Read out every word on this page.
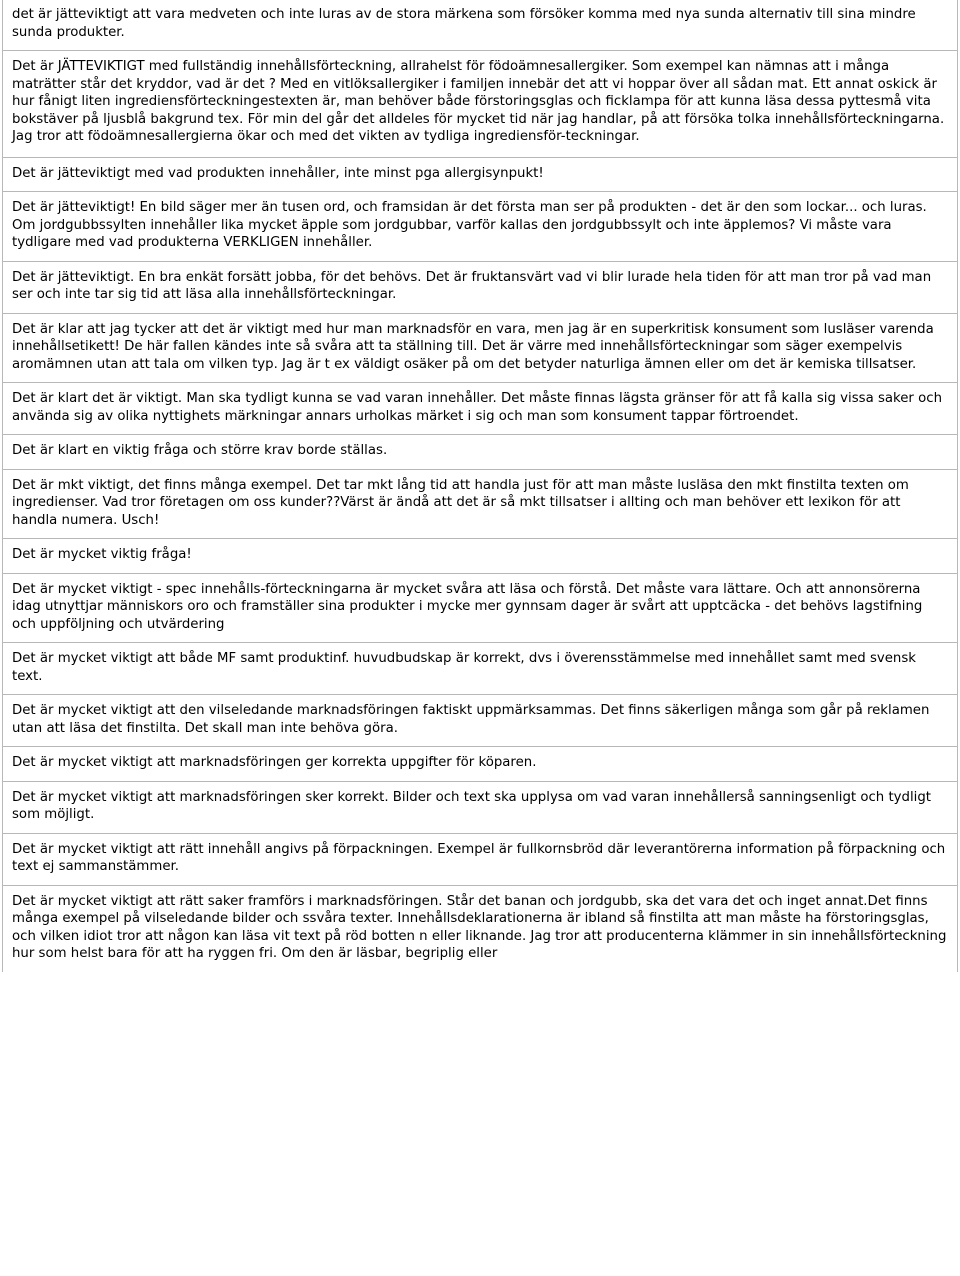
det är jätteviktigt att vara medveten och inte luras av de stora märkena som försöker komma med nya sunda alternativ till sina mindre sunda produkter.
Det är JÄTTEVIKTIGT med fullständig innehållsförteckning, allrahelst för födoämnesallergiker. Som exempel kan nämnas att i många maträtter står det kryddor, vad är det ? Med en vitlöksallergiker i familjen innebär det att vi hoppar över all sådan mat. Ett annat oskick är hur fånigt liten ingrediensförteckningestexten är, man behöver både förstoringsglas och ficklampa för att kunna läsa dessa pyttesmå vita bokstäver på ljusblå bakgrund tex. För min del går det alldeles för mycket tid när jag handlar, på att försöka tolka innehållsförteckningarna. Jag tror att födoämnesallergierna ökar och med det vikten av tydliga ingrediensför-teckningar.
Det är jätteviktigt med vad produkten innehåller, inte minst pga allergisynpukt!
Det är jätteviktigt! En bild säger mer än tusen ord, och framsidan är det första man ser på produkten - det är den som lockar... och luras. Om jordgubbssylten innehåller lika mycket äpple som jordgubbar, varför kallas den jordgubbssylt och inte äpplemos? Vi måste vara tydligare med vad produkterna VERKLIGEN innehåller.
Det är jätteviktigt. En bra enkät forsätt jobba, för det behövs. Det är fruktansvärt vad vi blir lurade hela tiden för att man tror på vad man ser och inte tar sig tid att läsa alla innehållsförteckningar.
Det är klar att jag tycker att det är viktigt med hur man marknadsför en vara, men jag är en superkritisk konsument som lusläser varenda innehållsetikett! De här fallen kändes inte så svåra att ta ställning till. Det är värre med innehållsförteckningar som säger exempelvis aromämnen utan att tala om vilken typ. Jag är t ex väldigt osäker på om det betyder naturliga ämnen eller om det är kemiska tillsatser.
Det är klart det är viktigt. Man ska tydligt kunna se vad varan innehåller. Det måste finnas lägsta gränser för att få kalla sig vissa saker och använda sig av olika nyttighets märkningar annars urholkas märket i sig och man som konsument tappar förtroendet.
Det är klart en viktig fråga och större krav borde ställas.
Det är mkt viktigt, det finns många exempel. Det tar mkt lång tid att handla just för att man måste lusläsa den mkt finstilta texten om ingredienser. Vad tror företagen om oss kunder??Värst är ändå att det är så mkt tillsatser i allting och man behöver ett lexikon för att handla numera. Usch!
Det är mycket viktig fråga!
Det är mycket viktigt - spec innehålls-förteckningarna är mycket svåra att läsa och förstå. Det måste vara lättare. Och att annonsörerna idag utnyttjar människors oro och framställer sina produkter i mycke mer gynnsam dager är svårt att upptcäcka - det behövs lagstifning och uppföljning och utvärdering
Det är mycket viktigt att både MF samt produktinf. huvudbudskap är korrekt, dvs i överensstämmelse med innehållet samt med svensk text.
Det är mycket viktigt att den vilseledande marknadsföringen faktiskt uppmärksammas. Det finns säkerligen många som går på reklamen utan att läsa det finstilta. Det skall man inte behöva göra.
Det är mycket viktigt att marknadsföringen ger korrekta uppgifter för köparen.
Det är mycket viktigt att marknadsföringen sker korrekt. Bilder och text ska upplysa om vad varan innehållerså sanningsenligt och tydligt som möjligt.
Det är mycket viktigt att rätt innehåll angivs på förpackningen. Exempel är fullkornsbröd där leverantörerna information på förpackning och text ej sammanstämmer.
Det är mycket viktigt att rätt saker framförs i marknadsföringen. Står det banan och jordgubb, ska det vara det och inget annat.Det finns många exempel på vilseledande bilder och ssvåra texter. Innehållsdeklarationerna är ibland så finstilta att man måste ha förstoringsglas, och vilken idiot tror att någon kan läsa vit text på röd botten n eller liknande. Jag tror att producenterna klämmer in sin innehållsförteckning hur som helst bara för att ha ryggen fri. Om den är läsbar, begriplig eller
